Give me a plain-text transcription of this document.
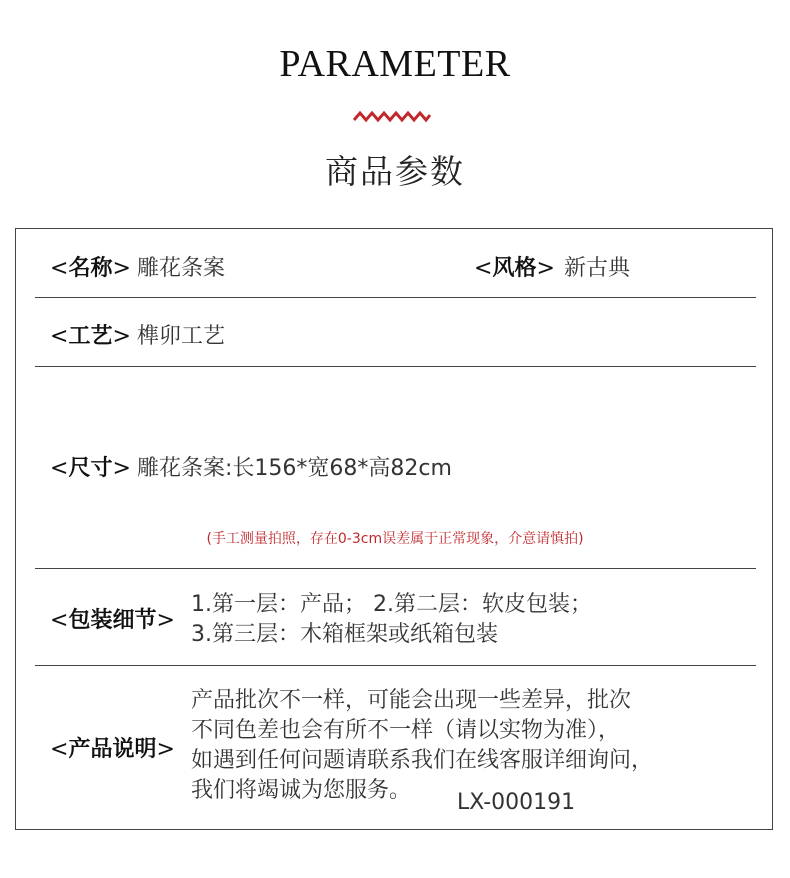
PARAMETER
商品参数
<名称> 雕花条案	<风格> 新古典
<工艺> 榫卯工艺
<尺寸> 雕花条案:长156*宽68*高82cm
(手工测量拍照，存在0-3cm误差属于正常现象，介意请慎拍)
<包装细节>
1.第一层：产品； 2.第二层：软皮包装；
3.第三层：木箱框架或纸箱包装
<产品说明>
产品批次不一样，可能会出现一些差异，批次
不同色差也会有所不一样（请以实物为准），
如遇到任何问题请联系我们在线客服详细询问，
我们将竭诚为您服务。 LX-000191
